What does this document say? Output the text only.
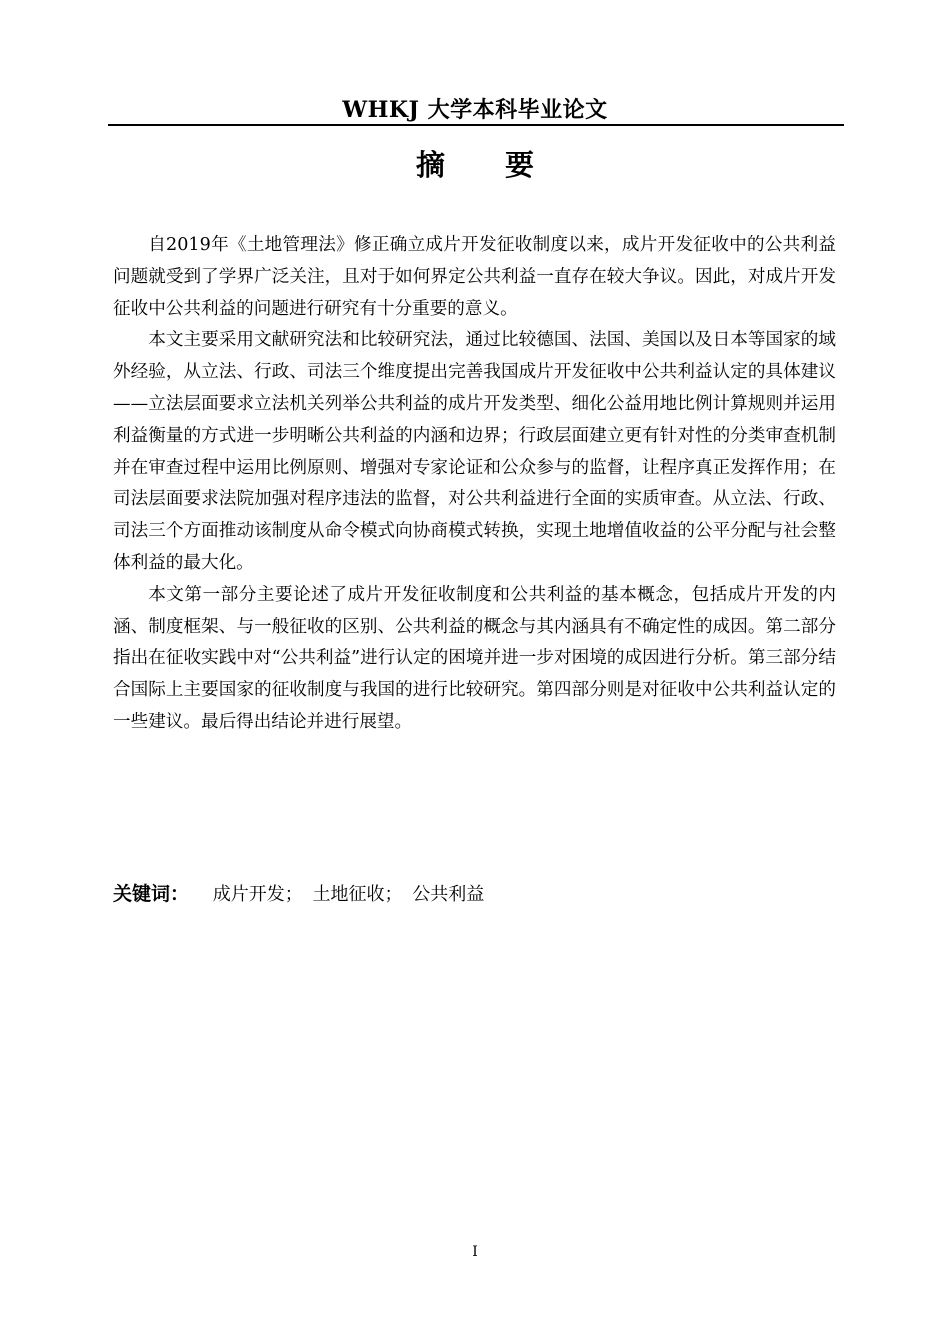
WHKJ 大学本科毕业论文
摘要

自2019年《土地管理法》修正确立成片开发征收制度以来，成片开发征收中的公共利益问题就受到了学界广泛关注，且对于如何界定公共利益一直存在较大争议。因此，对成片开发征收中公共利益的问题进行研究有十分重要的意义。

本文主要采用文献研究法和比较研究法，通过比较德国、法国、美国以及日本等国家的域外经验，从立法、行政、司法三个维度提出完善我国成片开发征收中公共利益认定的具体建议——立法层面要求立法机关列举公共利益的成片开发类型、细化公益用地比例计算规则并运用利益衡量的方式进一步明晰公共利益的内涵和边界；行政层面建立更有针对性的分类审查机制并在审查过程中运用比例原则、增强对专家论证和公众参与的监督，让程序真正发挥作用；在司法层面要求法院加强对程序违法的监督，对公共利益进行全面的实质审查。从立法、行政、司法三个方面推动该制度从命令模式向协商模式转换，实现土地增值收益的公平分配与社会整体利益的最大化。

本文第一部分主要论述了成片开发征收制度和公共利益的基本概念，包括成片开发的内涵、制度框架、与一般征收的区别、公共利益的概念与其内涵具有不确定性的成因。第二部分指出在征收实践中对“公共利益”进行认定的困境并进一步对困境的成因进行分析。第三部分结合国际上主要国家的征收制度与我国的进行比较研究。第四部分则是对征收中公共利益认定的一些建议。最后得出结论并进行展望。

关键词： 成片开发； 土地征收； 公共利益
I
